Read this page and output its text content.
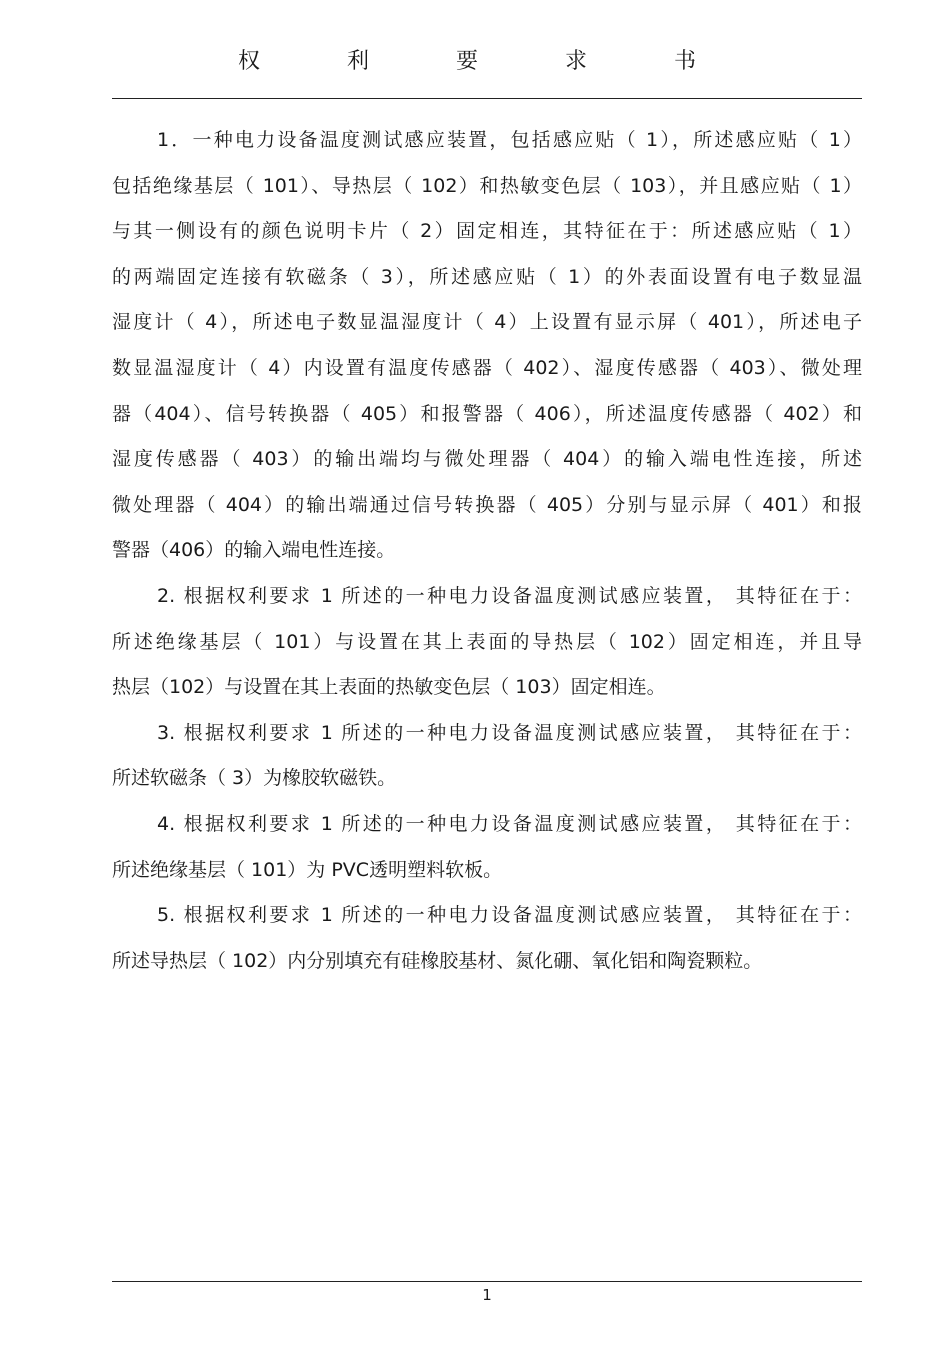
权 利 要 求 书
1．一种电力设备温度测试感应装置，包括感应贴（ 1），所述感应贴（ 1）
包括绝缘基层（ 101）、导热层（ 102）和热敏变色层（ 103），并且感应贴（ 1）
与其一侧设有的颜色说明卡片（ 2）固定相连，其特征在于：所述感应贴（ 1）
的两端固定连接有软磁条（ 3），所述感应贴（ 1）的外表面设置有电子数显温
湿度计（ 4），所述电子数显温湿度计（ 4）上设置有显示屏（ 401），所述电子
数显温湿度计（ 4）内设置有温度传感器（ 402）、湿度传感器（ 403）、微处理
器（404）、信号转换器（ 405）和报警器（ 406），所述温度传感器（ 402）和
湿度传感器（ 403）的输出端均与微处理器（ 404）的输入端电性连接，所述
微处理器（ 404）的输出端通过信号转换器（ 405）分别与显示屏（ 401）和报
警器（406）的输入端电性连接。
2. 根据权利要求 1 所述的一种电力设备温度测试感应装置， 其特征在于：
所述绝缘基层（ 101）与设置在其上表面的导热层（ 102）固定相连，并且导
热层（102）与设置在其上表面的热敏变色层（ 103）固定相连。
3. 根据权利要求 1 所述的一种电力设备温度测试感应装置， 其特征在于：
所述软磁条（ 3）为橡胶软磁铁。
4. 根据权利要求 1 所述的一种电力设备温度测试感应装置， 其特征在于：
所述绝缘基层（ 101）为 PVC透明塑料软板。
5. 根据权利要求 1 所述的一种电力设备温度测试感应装置， 其特征在于：
所述导热层（ 102）内分别填充有硅橡胶基材、氮化硼、氧化铝和陶瓷颗粒。
1
